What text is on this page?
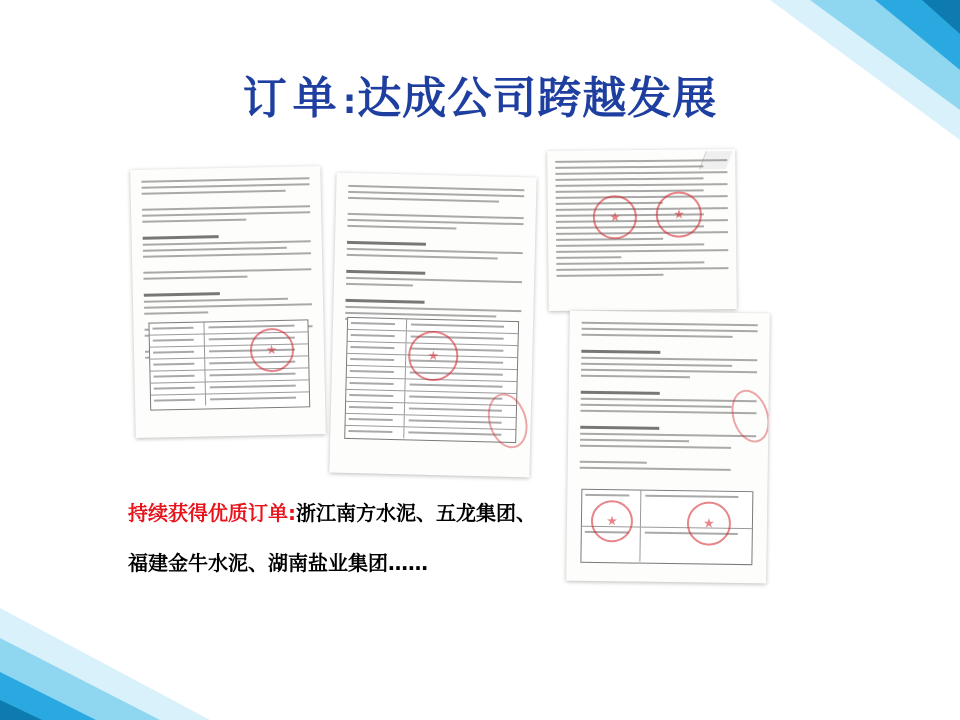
订单:达成公司跨越发展
★
★
★
★
★
★
持续获得优质订单:浙江南方水泥、五龙集团、
福建金牛水泥、湖南盐业集团……
